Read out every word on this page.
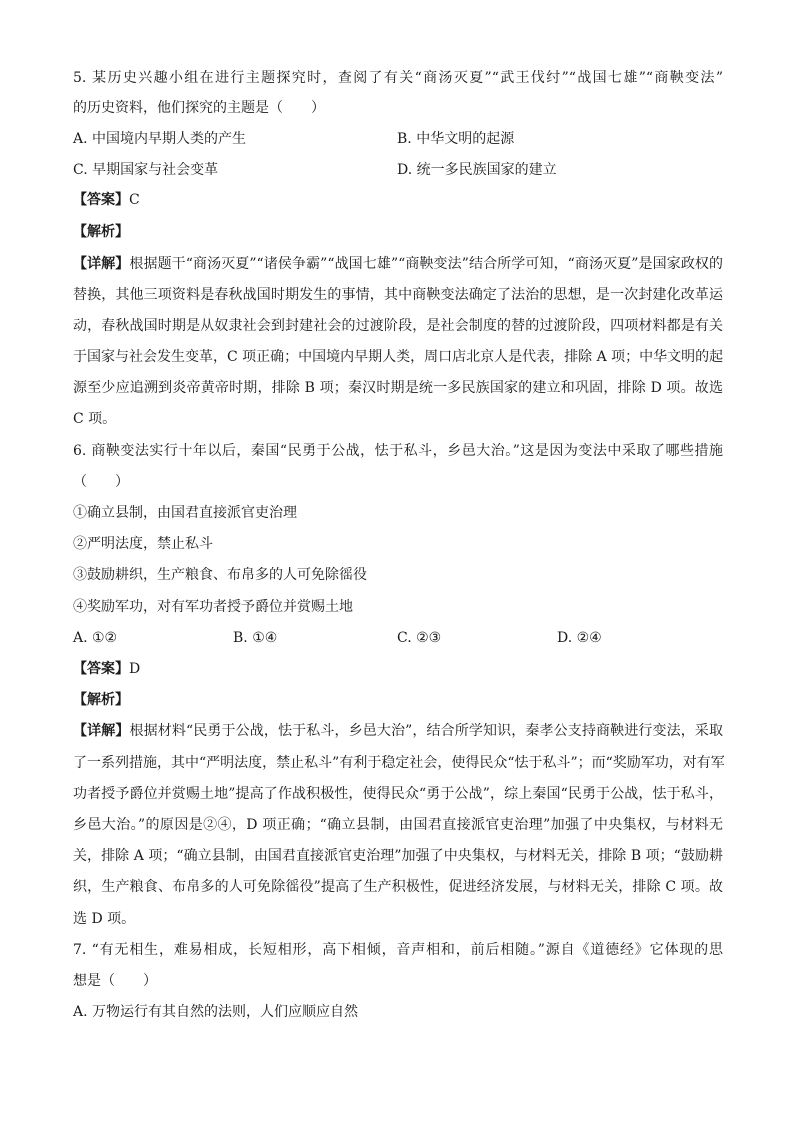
5. 某历史兴趣小组在进行主题探究时，查阅了有关“商汤灭夏”“武王伐纣”“战国七雄”“商鞅变法”
的历史资料，他们探究的主题是（　　）
A. 中国境内早期人类的产生	B. 中华文明的起源
C. 早期国家与社会变革	D. 统一多民族国家的建立
【答案】C
【解析】
【详解】根据题干“商汤灭夏”“诸侯争霸”“战国七雄”“商鞅变法”结合所学可知，“商汤灭夏”是国家政权的
替换，其他三项资料是春秋战国时期发生的事情，其中商鞅变法确定了法治的思想，是一次封建化改革运
动，春秋战国时期是从奴隶社会到封建社会的过渡阶段，是社会制度的替的过渡阶段，四项材料都是有关
于国家与社会发生变革，C 项正确；中国境内早期人类，周口店北京人是代表，排除 A 项；中华文明的起
源至少应追溯到炎帝黄帝时期，排除 B 项；秦汉时期是统一多民族国家的建立和巩固，排除 D 项。故选
C 项。
6. 商鞅变法实行十年以后，秦国“民勇于公战，怯于私斗，乡邑大治。”这是因为变法中采取了哪些措施
（　　）
①确立县制，由国君直接派官吏治理
②严明法度，禁止私斗
③鼓励耕织，生产粮食、布帛多的人可免除徭役
④奖励军功，对有军功者授予爵位并赏赐土地
A. ①②	B. ①④	C. ②③	D. ②④
【答案】D
【解析】
【详解】根据材料“民勇于公战，怯于私斗，乡邑大治”，结合所学知识，秦孝公支持商鞅进行变法，采取
了一系列措施，其中“严明法度，禁止私斗”有利于稳定社会，使得民众“怯于私斗”；而“奖励军功，对有军
功者授予爵位并赏赐土地”提高了作战积极性，使得民众“勇于公战”，综上秦国“民勇于公战，怯于私斗，
乡邑大治。”的原因是②④，D 项正确；“确立县制，由国君直接派官吏治理”加强了中央集权，与材料无
关，排除 A 项；“确立县制，由国君直接派官吏治理”加强了中央集权，与材料无关，排除 B 项；“鼓励耕
织，生产粮食、布帛多的人可免除徭役”提高了生产积极性，促进经济发展，与材料无关，排除 C 项。故
选 D 项。
7. “有无相生，难易相成，长短相形，高下相倾，音声相和，前后相随。”源自《道德经》它体现的思
想是（　　）
A. 万物运行有其自然的法则，人们应顺应自然
